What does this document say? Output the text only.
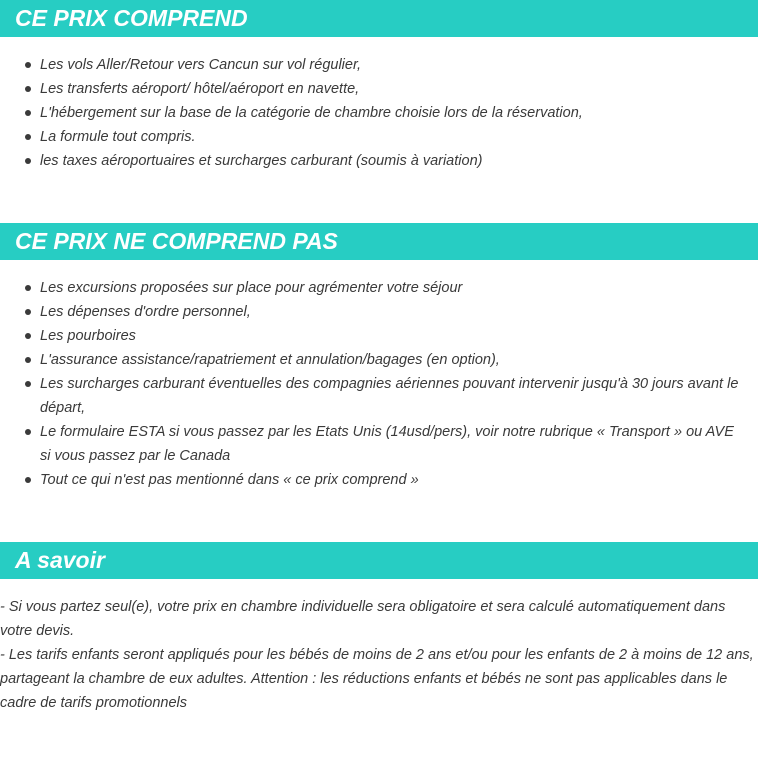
CE PRIX COMPREND
Les vols Aller/Retour vers Cancun sur vol régulier,
Les transferts aéroport/ hôtel/aéroport en navette,
L'hébergement sur la base de la catégorie de chambre choisie lors de la réservation,
La formule tout compris.
les taxes aéroportuaires et surcharges carburant (soumis à variation)
CE PRIX NE COMPREND PAS
Les excursions proposées sur place pour agrémenter votre séjour
Les dépenses d'ordre personnel,
Les pourboires
L'assurance assistance/rapatriement et annulation/bagages (en option),
Les surcharges carburant éventuelles des compagnies aériennes pouvant intervenir jusqu'à 30 jours avant le départ,
Le formulaire ESTA si vous passez par les Etats Unis (14usd/pers), voir notre rubrique « Transport » ou AVE si vous passez par le Canada
Tout ce qui n'est pas mentionné dans « ce prix comprend »
A savoir

- Si vous partez seul(e), votre prix en chambre individuelle sera obligatoire et sera calculé automatiquement dans votre devis.

- Les tarifs enfants seront appliqués pour les bébés de moins de 2 ans et/ou pour les enfants de 2 à moins de 12 ans, partageant la chambre de eux adultes. Attention : les réductions enfants et bébés ne sont pas applicables dans le cadre de tarifs promotionnels
